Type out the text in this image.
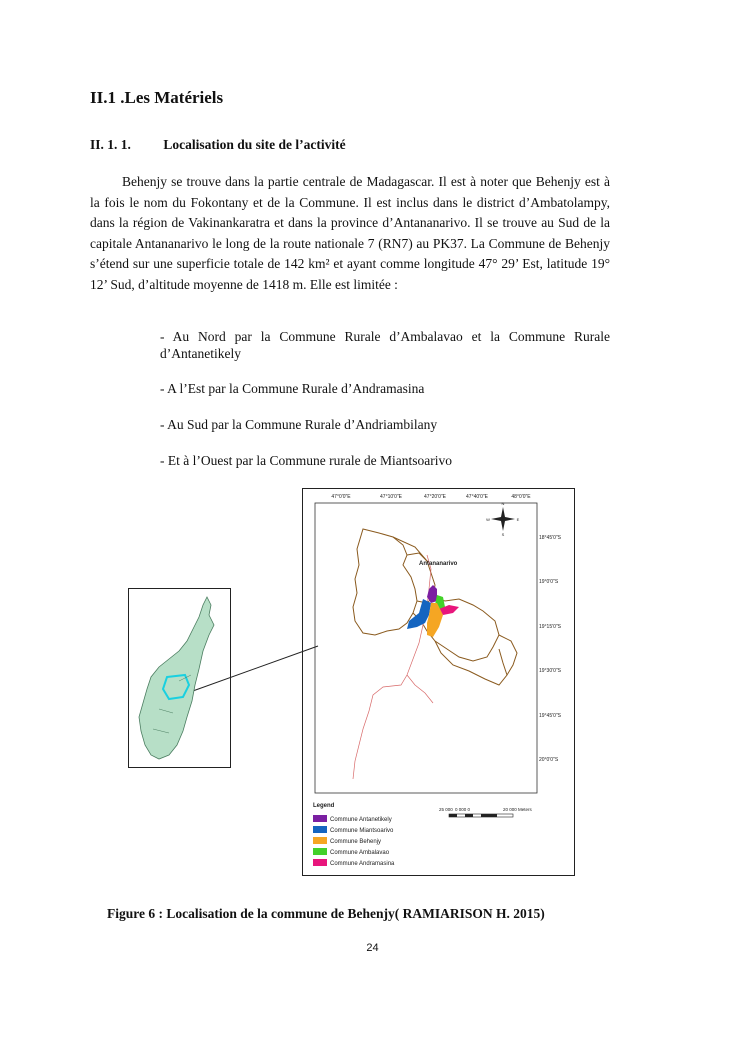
II.1 .Les Matériels
II. 1. 1. Localisation du site de l’activité

Behenjy se trouve dans la partie centrale de Madagascar. Il est à noter que Behenjy est à la fois le nom du Fokontany et de la Commune. Il est inclus dans le district d’Ambatolampy, dans la région de Vakinankaratra et dans la province d’Antananarivo. Il se trouve au Sud de la capitale Antananarivo le long de la route nationale 7 (RN7) au PK37. La Commune de Behenjy s’étend sur une superficie totale de 142 km² et ayant comme longitude 47° 29’ Est, latitude 19° 12’ Sud, d’altitude moyenne de 1418 m. Elle est limitée :

- Au Nord par la Commune Rurale d’Ambalavao et la Commune Rurale d’Antanetikely

- A l’Est par la Commune Rurale d’Andramasina

- Au Sud par la Commune Rurale d’Andriambilany

- Et à l’Ouest par la Commune rurale de Miantsoarivo

47°0'0"E	47°10'0"E	47°20'0"E	47°40'0"E	48°0'0"E
18°45'0"S
19°0'0"S
19°15'0"S
19°30'0"S
19°45'0"S
20°0'0"S
N
W	E
S
Antananarivo
25 000 0 000 0	20 000 Meters
Legend
Commune Antanetikely
Commune Miantsoarivo
Commune Behenjy
Commune Ambalavao
Commune Andramasina

Figure 6 : Localisation de la commune de Behenjy( RAMIARISON H. 2015)

24
